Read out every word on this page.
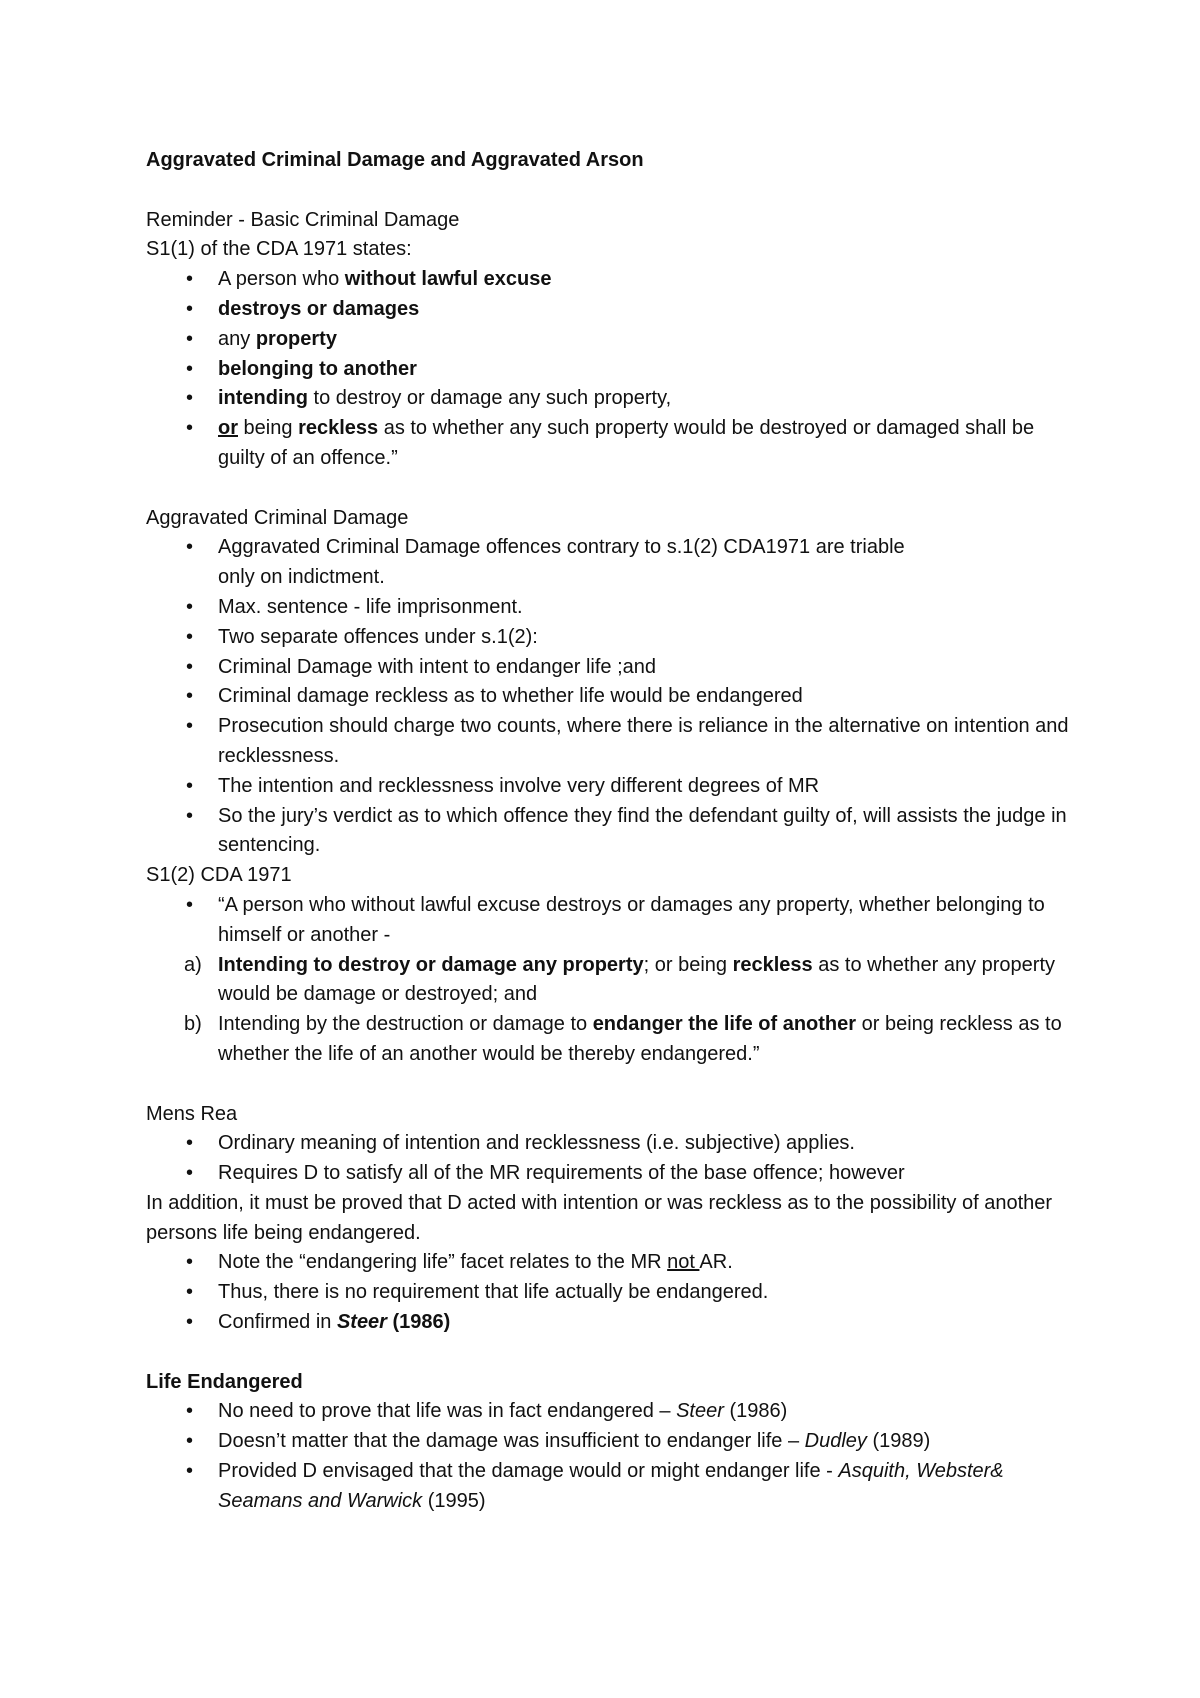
Aggravated Criminal Damage and Aggravated Arson
Reminder - Basic Criminal Damage
S1(1) of the CDA 1971 states:
• A person who without lawful excuse
• destroys or damages
• any property
• belonging to another
• intending to destroy or damage any such property,
• or being reckless as to whether any such property would be destroyed or damaged shall be guilty of an offence.”
Aggravated Criminal Damage
• Aggravated Criminal Damage offences contrary to s.1(2) CDA1971 are triable only on indictment.
• Max. sentence - life imprisonment.
• Two separate offences under s.1(2):
• Criminal Damage with intent to endanger life ;and
• Criminal damage reckless as to whether life would be endangered
• Prosecution should charge two counts, where there is reliance in the alternative on intention and recklessness.
• The intention and recklessness involve very different degrees of MR
• So the jury’s verdict as to which offence they find the defendant guilty of, will assists the judge in sentencing.
S1(2) CDA 1971
• “A person who without lawful excuse destroys or damages any property, whether belonging to himself or another -
a) Intending to destroy or damage any property; or being reckless as to whether any property would be damage or destroyed; and
b) Intending by the destruction or damage to endanger the life of another or being reckless as to whether the life of an another would be thereby endangered.”
Mens Rea
• Ordinary meaning of intention and recklessness (i.e. subjective) applies.
• Requires D to satisfy all of the MR requirements of the base offence; however

In addition, it must be proved that D acted with intention or was reckless as to the possibility of another persons life being endangered.

• Note the “endangering life” facet relates to the MR not AR.
• Thus, there is no requirement that life actually be endangered.
• Confirmed in Steer (1986)
Life Endangered
• No need to prove that life was in fact endangered – Steer (1986)
• Doesn’t matter that the damage was insufficient to endanger life – Dudley (1989)
• Provided D envisaged that the damage would or might endanger life - Asquith, Webster& Seamans and Warwick (1995)
